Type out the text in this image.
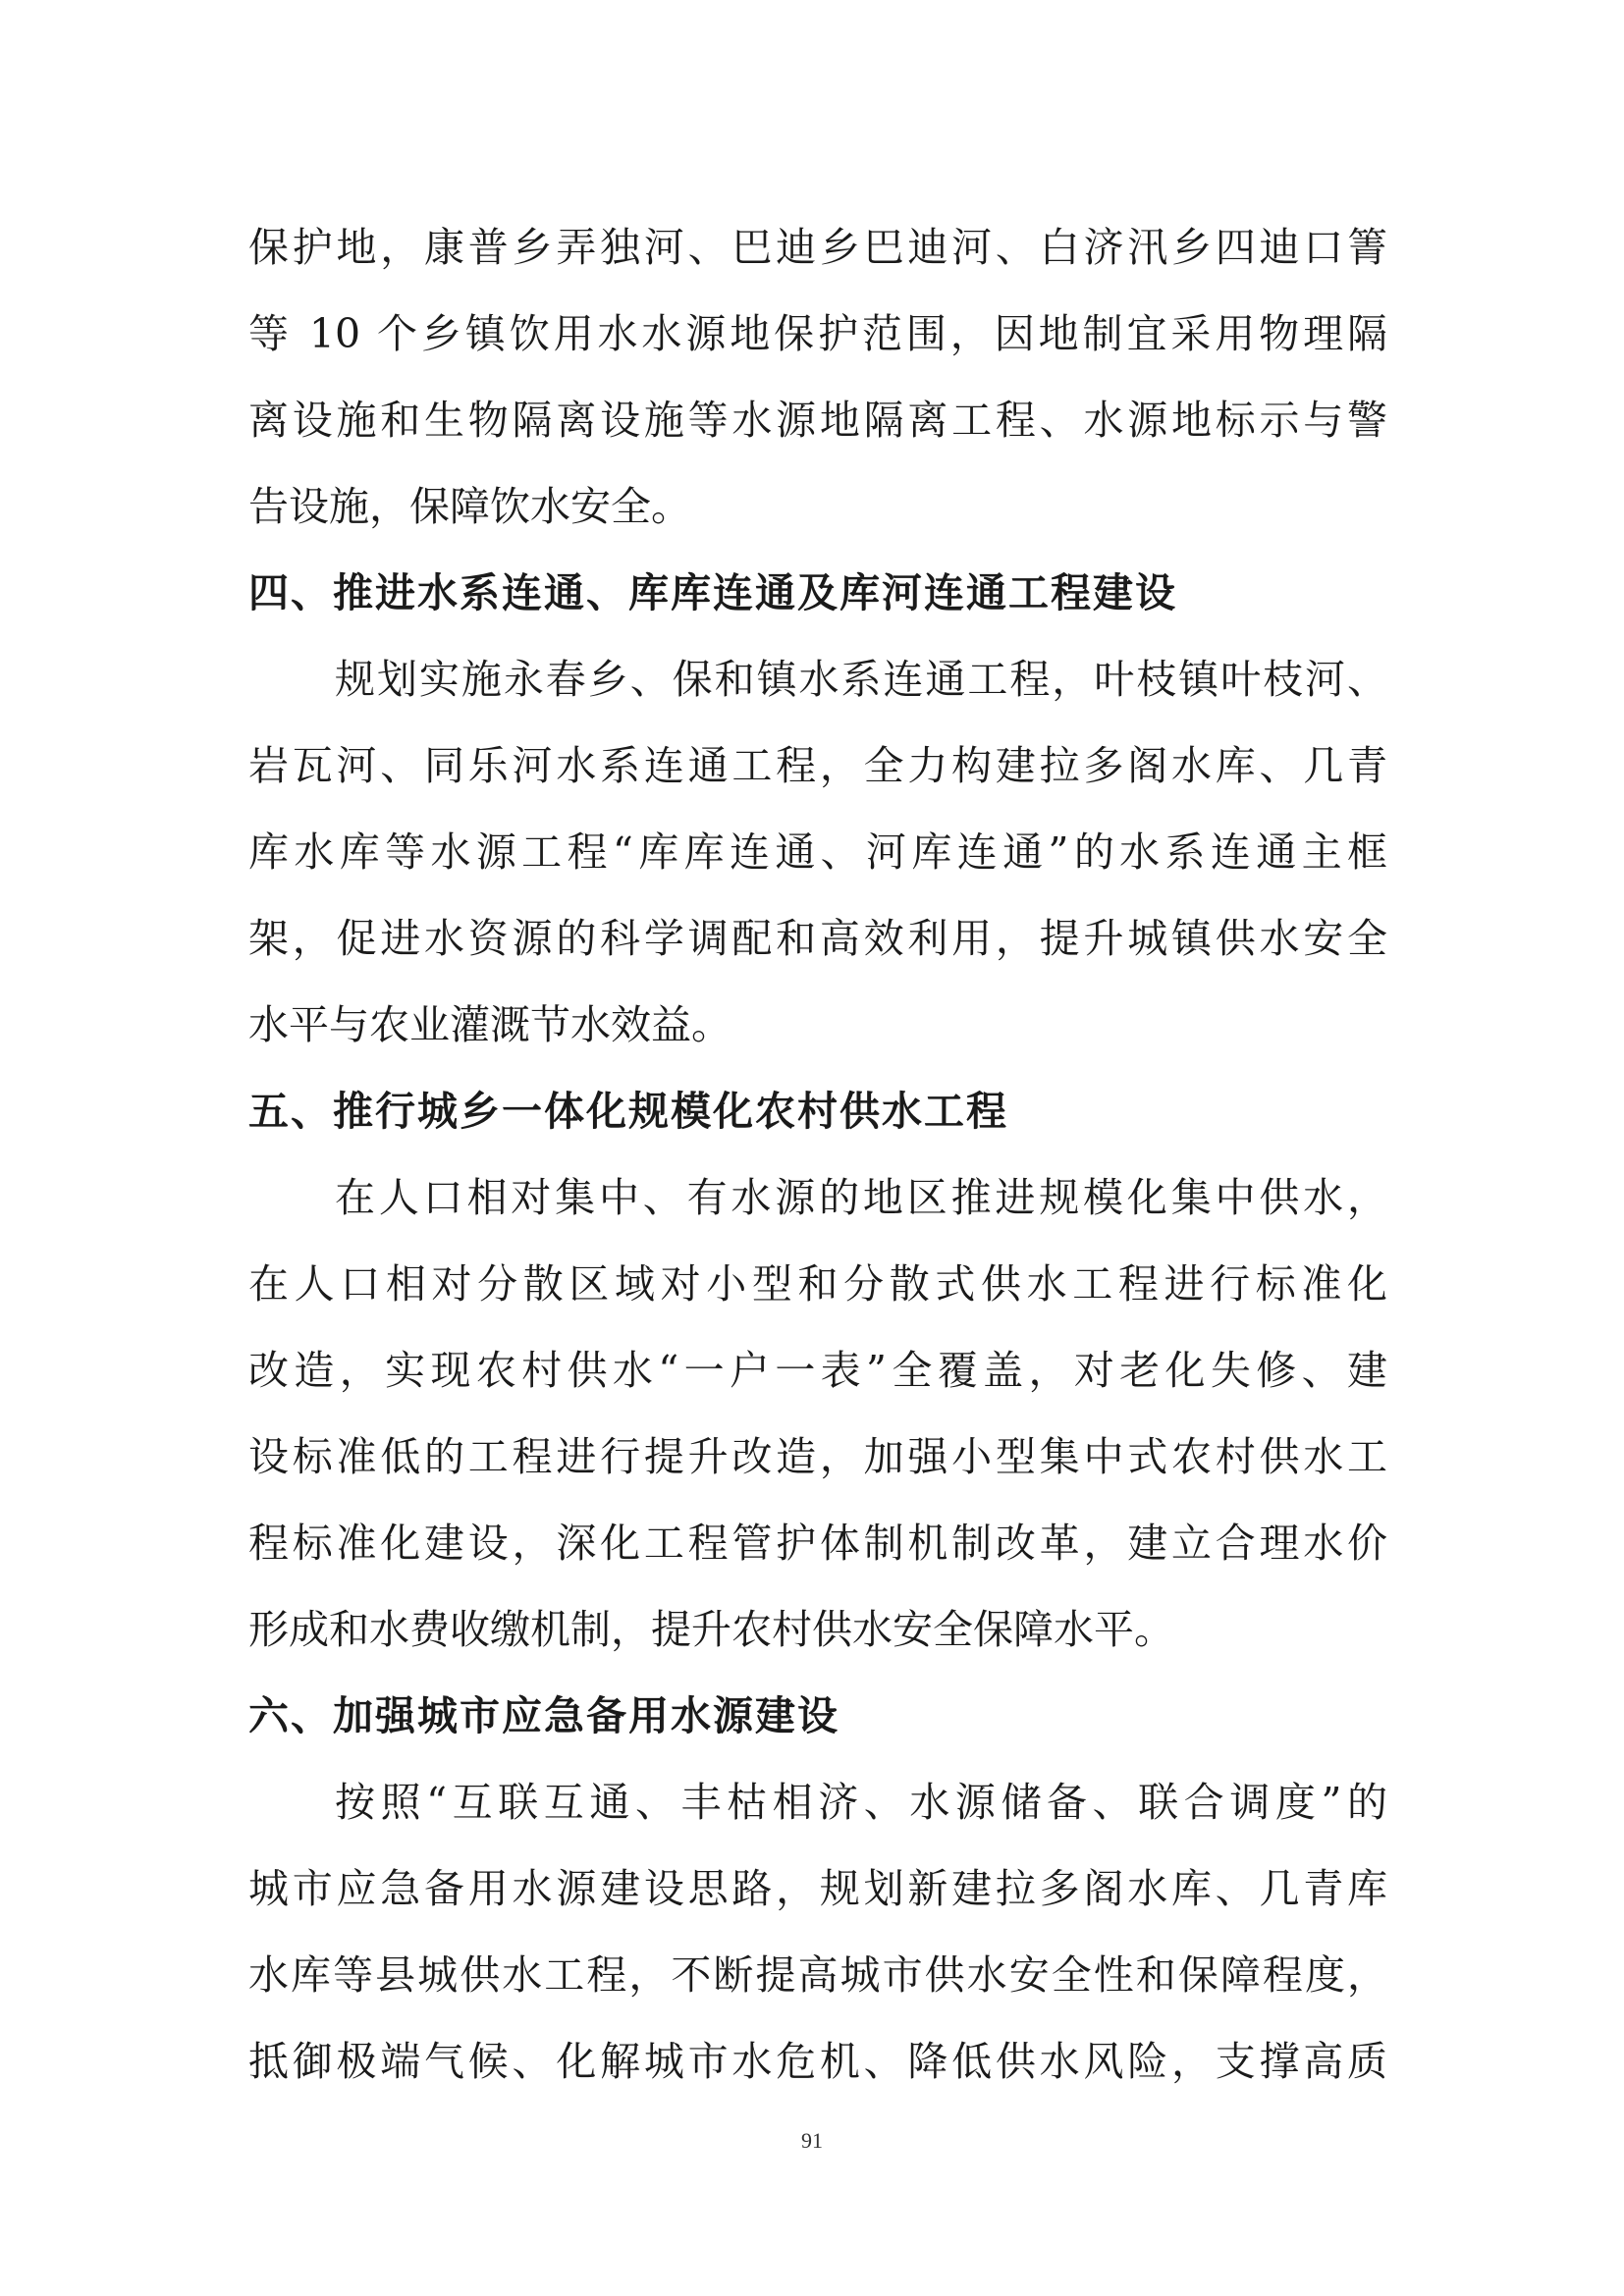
保护地，康普乡弄独河、巴迪乡巴迪河、白济汛乡四迪口箐
等 10 个乡镇饮用水水源地保护范围，因地制宜采用物理隔
离设施和生物隔离设施等水源地隔离工程、水源地标示与警
告设施，保障饮水安全。
四、推进水系连通、库库连通及库河连通工程建设
规划实施永春乡、保和镇水系连通工程，叶枝镇叶枝河、
岩瓦河、同乐河水系连通工程，全力构建拉多阁水库、几青
库水库等水源工程“库库连通、河库连通”的水系连通主框
架，促进水资源的科学调配和高效利用，提升城镇供水安全
水平与农业灌溉节水效益。
五、推行城乡一体化规模化农村供水工程
在人口相对集中、有水源的地区推进规模化集中供水，
在人口相对分散区域对小型和分散式供水工程进行标准化
改造，实现农村供水“一户一表”全覆盖，对老化失修、建
设标准低的工程进行提升改造，加强小型集中式农村供水工
程标准化建设，深化工程管护体制机制改革，建立合理水价
形成和水费收缴机制，提升农村供水安全保障水平。
六、加强城市应急备用水源建设
按照“互联互通、丰枯相济、水源储备、联合调度”的
城市应急备用水源建设思路，规划新建拉多阁水库、几青库
水库等县城供水工程，不断提高城市供水安全性和保障程度，
抵御极端气候、化解城市水危机、降低供水风险，支撑高质
91
